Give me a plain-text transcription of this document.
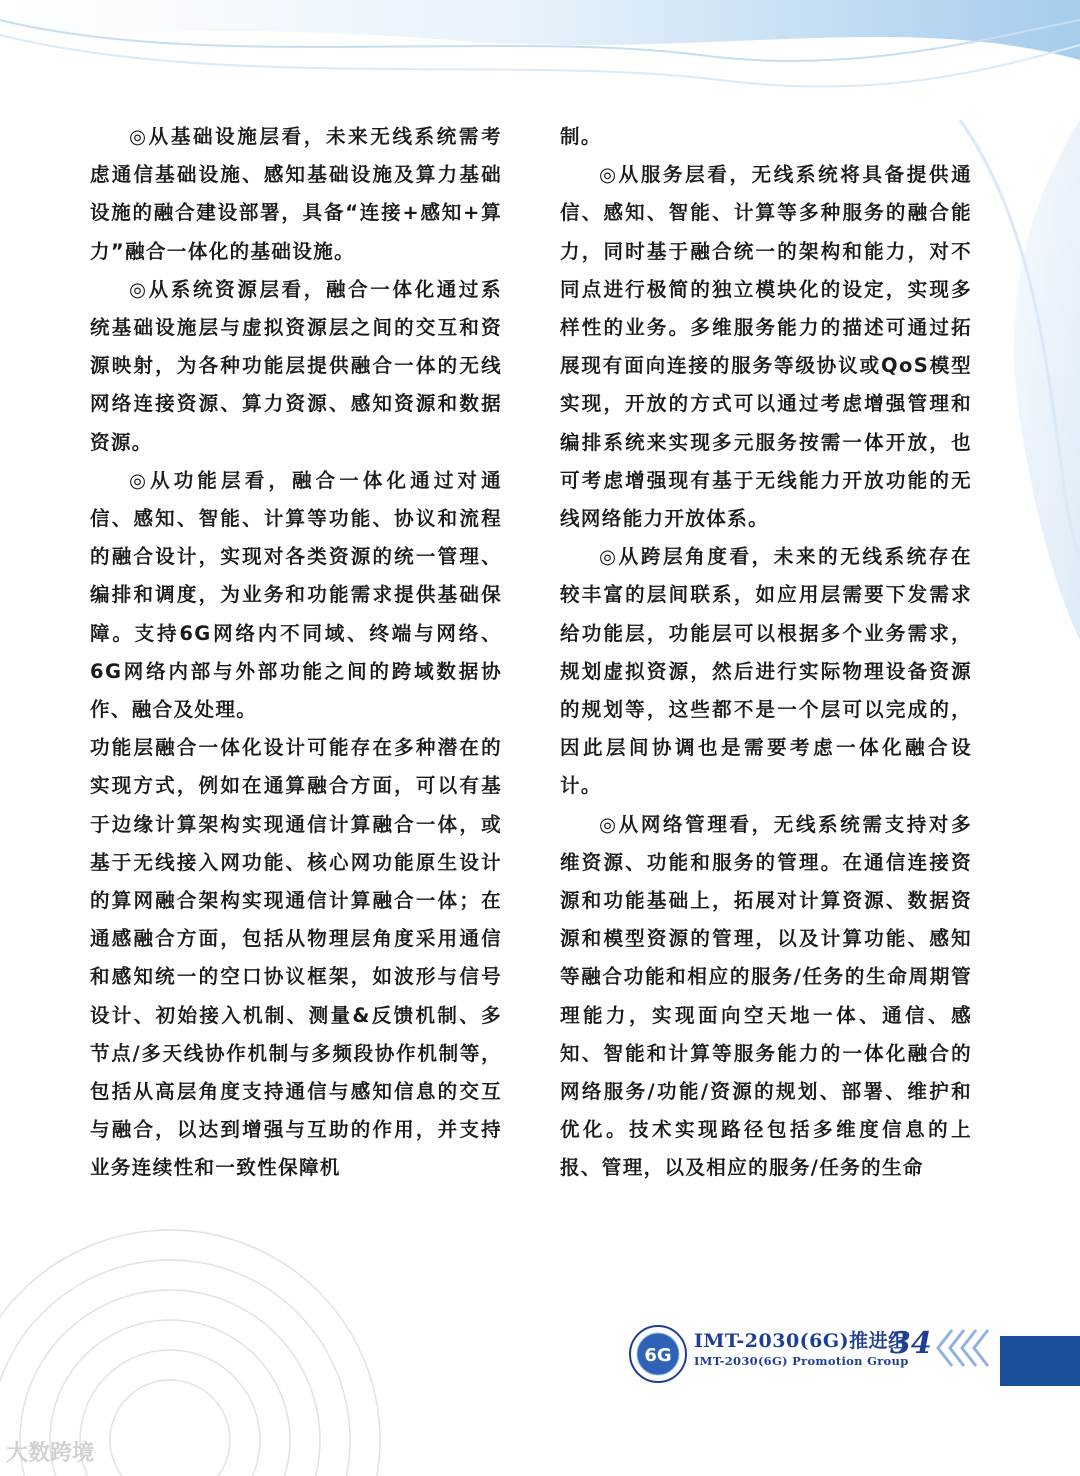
◎从基础设施层看，未来无线系统需考虑通信基础设施、感知基础设施及算力基础设施的融合建设部署，具备“连接+感知+算力”融合一体化的基础设施。

◎从系统资源层看，融合一体化通过系统基础设施层与虚拟资源层之间的交互和资源映射，为各种功能层提供融合一体的无线网络连接资源、算力资源、感知资源和数据资源。

◎从功能层看，融合一体化通过对通信、感知、智能、计算等功能、协议和流程的融合设计，实现对各类资源的统一管理、编排和调度，为业务和功能需求提供基础保障。支持6G网络内不同域、终端与网络、6G网络内部与外部功能之间的跨域数据协作、融合及处理。

功能层融合一体化设计可能存在多种潜在的实现方式，例如在通算融合方面，可以有基于边缘计算架构实现通信计算融合一体，或基于无线接入网功能、核心网功能原生设计的算网融合架构实现通信计算融合一体；在通感融合方面，包括从物理层角度采用通信和感知统一的空口协议框架，如波形与信号设计、初始接入机制、测量&反馈机制、多节点/多天线协作机制与多频段协作机制等，包括从高层角度支持通信与感知信息的交互与融合，以达到增强与互助的作用，并支持业务连续性和一致性保障机

制。

◎从服务层看，无线系统将具备提供通信、感知、智能、计算等多种服务的融合能力，同时基于融合统一的架构和能力，对不同点进行极简的独立模块化的设定，实现多样性的业务。多维服务能力的描述可通过拓展现有面向连接的服务等级协议或QoS模型实现，开放的方式可以通过考虑增强管理和编排系统来实现多元服务按需一体开放，也可考虑增强现有基于无线能力开放功能的无线网络能力开放体系。

◎从跨层角度看，未来的无线系统存在较丰富的层间联系，如应用层需要下发需求给功能层，功能层可以根据多个业务需求，规划虚拟资源，然后进行实际物理设备资源的规划等，这些都不是一个层可以完成的，因此层间协调也是需要考虑一体化融合设计。

◎从网络管理看，无线系统需支持对多维资源、功能和服务的管理。在通信连接资源和功能基础上，拓展对计算资源、数据资源和模型资源的管理，以及计算功能、感知等融合功能和相应的服务/任务的生命周期管理能力，实现面向空天地一体、通信、感知、智能和计算等服务能力的一体化融合的网络服务/功能/资源的规划、部署、维护和优化。技术实现路径包括多维度信息的上报、管理，以及相应的服务/任务的生命

6G
IMT-2030(6G)推进组
IMT-2030(6G) Promotion Group
34
大数跨境
